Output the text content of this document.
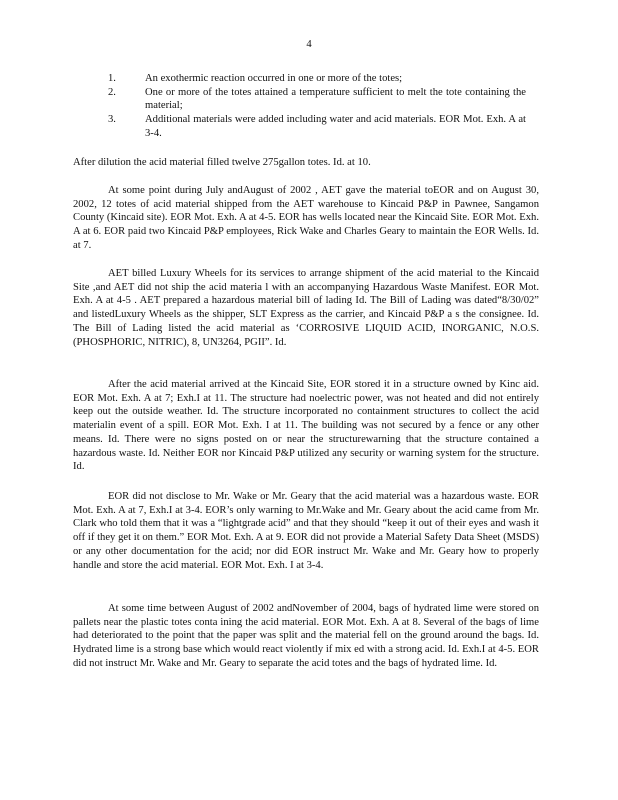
4
1.	An exothermic reaction occurred in one or more of the totes;
2.	One or more of the totes attained a temperature sufficient to melt the tote containing the material;
3.	Additional materials were added including water and acid materials. EOR Mot. Exh. A at 3-4.

After dilution the acid material filled twelve 275gallon totes. Id. at 10.

At some point during July andAugust of 2002 , AET gave the material toEOR and on August 30, 2002, 12 totes of acid material shipped from the AET warehouse to Kincaid P&P in Pawnee, Sangamon County (Kincaid site). EOR Mot. Exh. A at 4-5. EOR has wells located near the Kincaid Site. EOR Mot. Exh. A at 6. EOR paid two Kincaid P&P employees, Rick Wake and Charles Geary to maintain the EOR Wells. Id. at 7.

AET billed Luxury Wheels for its services to arrange shipment of the acid material to the Kincaid Site ,and AET did not ship the acid materia l with an accompanying Hazardous Waste Manifest. EOR Mot. Exh. A at 4-5 . AET prepared a hazardous material bill of lading Id. The Bill of Lading was dated“8/30/02” and listedLuxury Wheels as the shipper, SLT Express as the carrier, and Kincaid P&P a s the consignee. Id. The Bill of Lading listed the acid material as ‘CORROSIVE LIQUID ACID, INORGANIC, N.O.S. (PHOSPHORIC, NITRIC), 8, UN3264, PGII”. Id.

After the acid material arrived at the Kincaid Site, EOR stored it in a structure owned by Kinc aid. EOR Mot. Exh. A at 7; Exh.I at 11. The structure had noelectric power, was not heated and did not entirely keep out the outside weather. Id. The structure incorporated no containment structures to collect the acid materialin event of a spill. EOR Mot. Exh. I at 11. The building was not secured by a fence or any other means. Id. There were no signs posted on or near the structurewarning that the structure contained a hazardous waste. Id. Neither EOR nor Kincaid P&P utilized any security or warning system for the structure. Id.

EOR did not disclose to Mr. Wake or Mr. Geary that the acid material was a hazardous waste. EOR Mot. Exh. A at 7, Exh.I at 3-4. EOR’s only warning to Mr.Wake and Mr. Geary about the acid came from Mr. Clark who told them that it was a “lightgrade acid” and that they should “keep it out of their eyes and wash it off if they get it on them.” EOR Mot. Exh. A at 9. EOR did not provide a Material Safety Data Sheet (MSDS) or any other documentation for the acid; nor did EOR instruct Mr. Wake and Mr. Geary how to properly handle and store the acid material. EOR Mot. Exh. I at 3-4.

At some time between August of 2002 andNovember of 2004, bags of hydrated lime were stored on pallets near the plastic totes conta ining the acid material. EOR Mot. Exh. A at 8. Several of the bags of lime had deteriorated to the point that the paper was split and the material fell on the ground around the bags. Id. Hydrated lime is a strong base which would react violently if mix ed with a strong acid. Id. Exh.I at 4-5. EOR did not instruct Mr. Wake and Mr. Geary to separate the acid totes and the bags of hydrated lime. Id.
